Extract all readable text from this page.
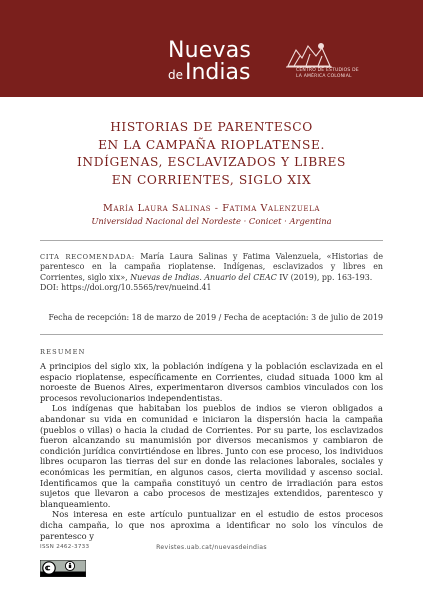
Nuevas
deIndias	CENTRO DE ESTUDIOS DE LA AMÉRICA COLONIAL
HISTORIAS DE PARENTESCO
EN LA CAMPAÑA RIOPLATENSE.
INDÍGENAS, ESCLAVIZADOS Y LIBRES
EN CORRIENTES, SIGLO XIX
María Laura Salinas - Fatima Valenzuela
Universidad Nacional del Nordeste · Conicet · Argentina
CITA RECOMENDADA: María Laura Salinas y Fatima Valenzuela, «Historias de parentesco en la campaña rioplatense. Indígenas, esclavizados y libres en Corrientes, siglo xix», Nuevas de Indias. Anuario del CEAC IV (2019), pp. 163-193.
DOI: https://doi.org/10.5565/rev/nueind.41
Fecha de recepción: 18 de marzo de 2019 / Fecha de aceptación: 3 de julio de 2019
RESUMEN

A principios del siglo xix, la población indígena y la población esclavizada en el espacio rioplatense, específicamente en Corrientes, ciudad situada 1000 km al noroeste de Buenos Aires, experimentaron diversos cambios vinculados con los procesos revolucionarios independentistas.

Los indígenas que habitaban los pueblos de indios se vieron obligados a abandonar su vida en comunidad e iniciaron la dispersión hacia la campaña (pueblos o villas) o hacia la ciudad de Corrientes. Por su parte, los esclavizados fueron alcanzando su manumisión por diversos mecanismos y cambiaron de condición jurídica convirtiéndose en libres. Junto con ese proceso, los individuos libres ocuparon las tierras del sur en donde las relaciones laborales, sociales y económicas les permitían, en algunos casos, cierta movilidad y ascenso social. Identificamos que la campaña constituyó un centro de irradiación para estos sujetos que llevaron a cabo procesos de mestizajes extendidos, parentesco y blanqueamiento.

Nos interesa en este artículo puntualizar en el estudio de estos procesos dicha campaña, lo que nos aproxima a identificar no solo los vínculos de parentesco y

ISSN 2462-3733	Revistes.uab.cat/nuevasdeindias
